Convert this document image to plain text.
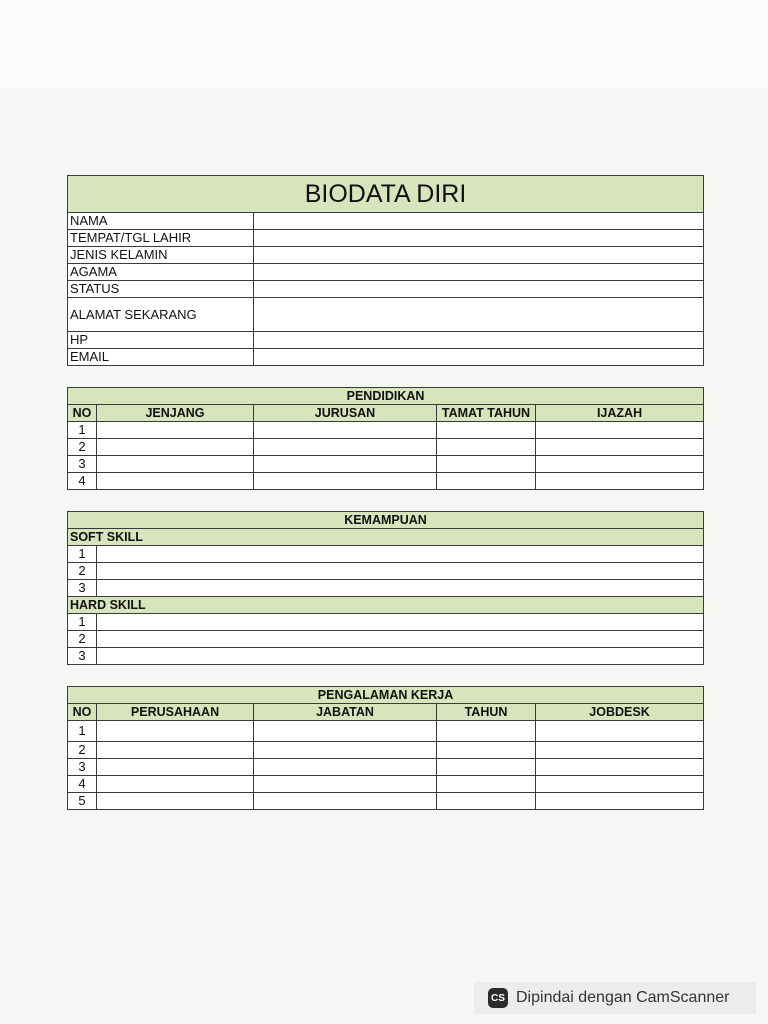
BIODATA DIRI	
NAMA	
TEMPAT/TGL LAHIR	
JENIS KELAMIN	
AGAMA	
STATUS	
ALAMAT SEKARANG	
HP	
EMAIL	
PENDIDIKAN				
NO	JENJANG	JURUSAN	TAMAT TAHUN	IJAZAH
1				
2				
3				
4				
KEMAMPUAN	
SOFT SKILL	
1	
2	
3	
HARD SKILL	
1	
2	
3	
PENGALAMAN KERJA				
NO	PERUSAHAAN	JABATAN	TAHUN	JOBDESK
1				
2				
3				
4				
5				
CS Dipindai dengan CamScanner
